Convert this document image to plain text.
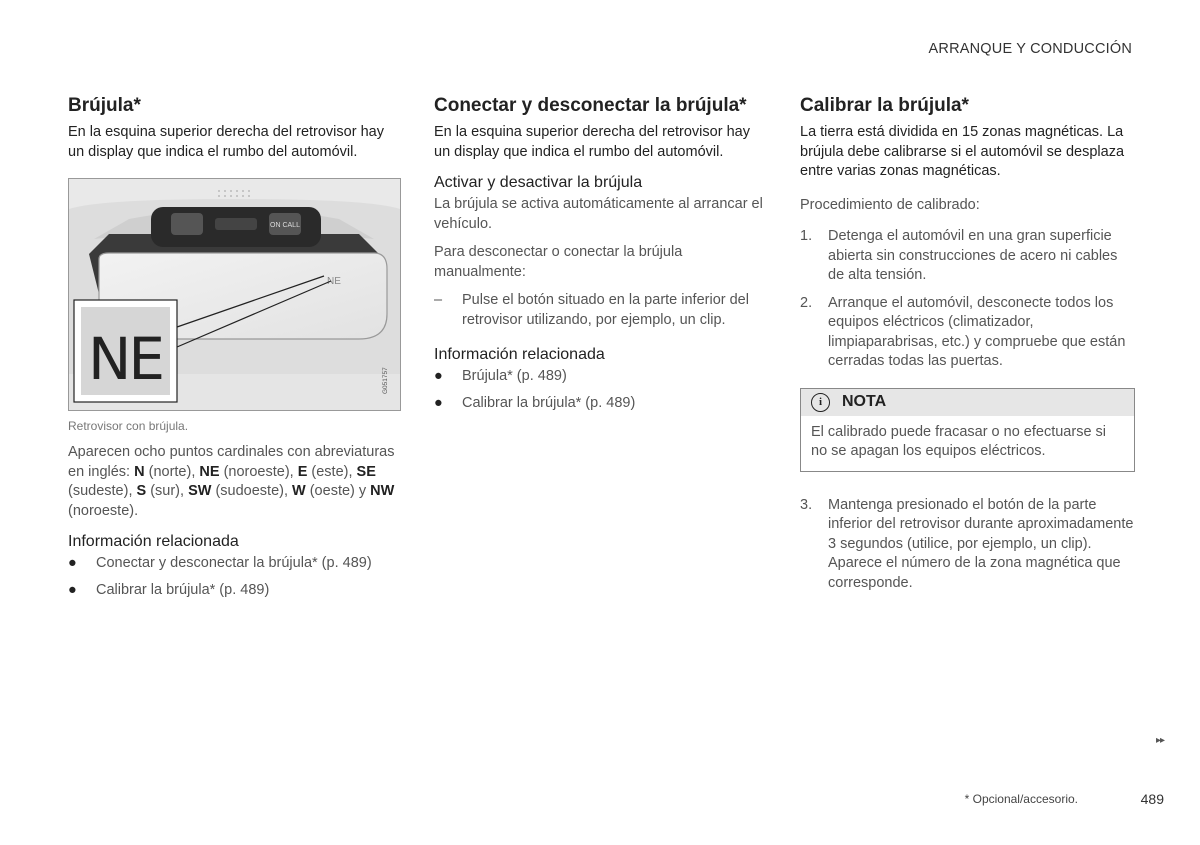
ARRANQUE Y CONDUCCIÓN
Brújula*

En la esquina superior derecha del retrovisor hay un display que indica el rumbo del automóvil.

ON CALL
NE
NE	G051757
Retrovisor con brújula.

Aparecen ocho puntos cardinales con abreviaturas en inglés: N (norte), NE (noroeste), E (este), SE (sudeste), S (sur), SW (sudoeste), W (oeste) y NW (noroeste).

Información relacionada
● Conectar y desconectar la brújula* (p. 489)
● Calibrar la brújula* (p. 489)
Conectar y desconectar la brújula*

En la esquina superior derecha del retrovisor hay un display que indica el rumbo del automóvil.

Activar y desactivar la brújula

La brújula se activa automáticamente al arrancar el vehículo.

Para desconectar o conectar la brújula manualmente:

– Pulse el botón situado en la parte inferior del retrovisor utilizando, por ejemplo, un clip.
Información relacionada
● Brújula* (p. 489)
● Calibrar la brújula* (p. 489)
Calibrar la brújula*

La tierra está dividida en 15 zonas magnéticas. La brújula debe calibrarse si el automóvil se desplaza entre varias zonas magnéticas.

Procedimiento de calibrado:

1. Detenga el automóvil en una gran superficie abierta sin construcciones de acero ni cables de alta tensión.
2. Arranque el automóvil, desconecte todos los equipos eléctricos (climatizador, limpiaparabrisas, etc.) y compruebe que están cerradas todas las puertas.
i	NOTA
El calibrado puede fracasar o no efectuarse si no se apagan los equipos eléctricos.
3. Mantenga presionado el botón de la parte inferior del retrovisor durante aproximadamente 3 segundos (utilice, por ejemplo, un clip). Aparece el número de la zona magnética que corresponde.
▸▸
* Opcional/accesorio.	489
